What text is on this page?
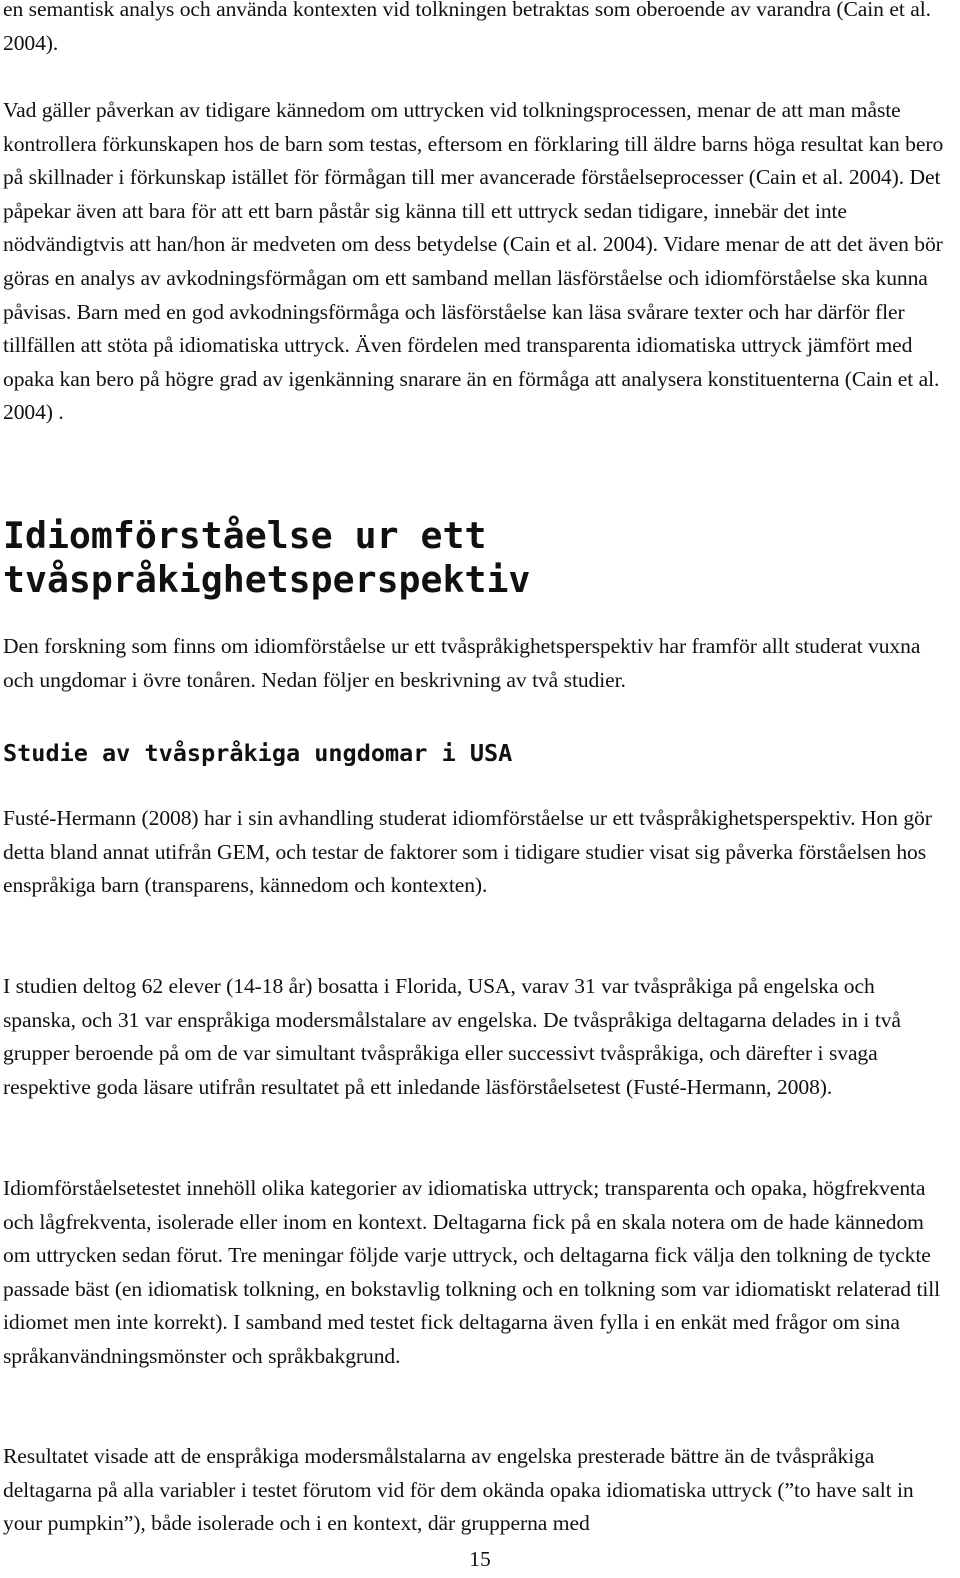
en semantisk analys och använda kontexten vid tolkningen betraktas som oberoende av varandra (Cain et al. 2004).

Vad gäller påverkan av tidigare kännedom om uttrycken vid tolkningsprocessen, menar de att man måste kontrollera förkunskapen hos de barn som testas, eftersom en förklaring till äldre barns höga resultat kan bero på skillnader i förkunskap istället för förmågan till mer avancerade förståelseprocesser (Cain et al. 2004). Det påpekar även att bara för att ett barn påstår sig känna till ett uttryck sedan tidigare, innebär det inte nödvändigtvis att han/hon är medveten om dess betydelse (Cain et al. 2004). Vidare menar de att det även bör göras en analys av avkodningsförmågan om ett samband mellan läsförståelse och idiomförståelse ska kunna påvisas. Barn med en god avkodningsförmåga och läsförståelse kan läsa svårare texter och har därför fler tillfällen att stöta på idiomatiska uttryck. Även fördelen med transparenta idiomatiska uttryck jämfört med opaka kan bero på högre grad av igenkänning snarare än en förmåga att analysera konstituenterna (Cain et al. 2004) .

Idiomförståelse ur ett tvåspråkighetsperspektiv

Den forskning som finns om idiomförståelse ur ett tvåspråkighetsperspektiv har framför allt studerat vuxna och ungdomar i övre tonåren. Nedan följer en beskrivning av två studier.

Studie av tvåspråkiga ungdomar i USA

Fusté-Hermann (2008) har i sin avhandling studerat idiomförståelse ur ett tvåspråkighetsperspektiv. Hon gör detta bland annat utifrån GEM, och testar de faktorer som i tidigare studier visat sig påverka förståelsen hos enspråkiga barn (transparens, kännedom och kontexten).

I studien deltog 62 elever (14-18 år) bosatta i Florida, USA, varav 31 var tvåspråkiga på engelska och spanska, och 31 var enspråkiga modersmålstalare av engelska. De tvåspråkiga deltagarna delades in i två grupper beroende på om de var simultant tvåspråkiga eller successivt tvåspråkiga, och därefter i svaga respektive goda läsare utifrån resultatet på ett inledande läsförståelsetest (Fusté-Hermann, 2008).

Idiomförståelsetestet innehöll olika kategorier av idiomatiska uttryck; transparenta och opaka, högfrekventa och lågfrekventa, isolerade eller inom en kontext. Deltagarna fick på en skala notera om de hade kännedom om uttrycken sedan förut. Tre meningar följde varje uttryck, och deltagarna fick välja den tolkning de tyckte passade bäst (en idiomatisk tolkning, en bokstavlig tolkning och en tolkning som var idiomatiskt relaterad till idiomet men inte korrekt). I samband med testet fick deltagarna även fylla i en enkät med frågor om sina språkanvändningsmönster och språkbakgrund.

Resultatet visade att de enspråkiga modersmålstalarna av engelska presterade bättre än de tvåspråkiga deltagarna på alla variabler i testet förutom vid för dem okända opaka idiomatiska uttryck (”to have salt in your pumpkin”), både isolerade och i en kontext, där grupperna med

15
